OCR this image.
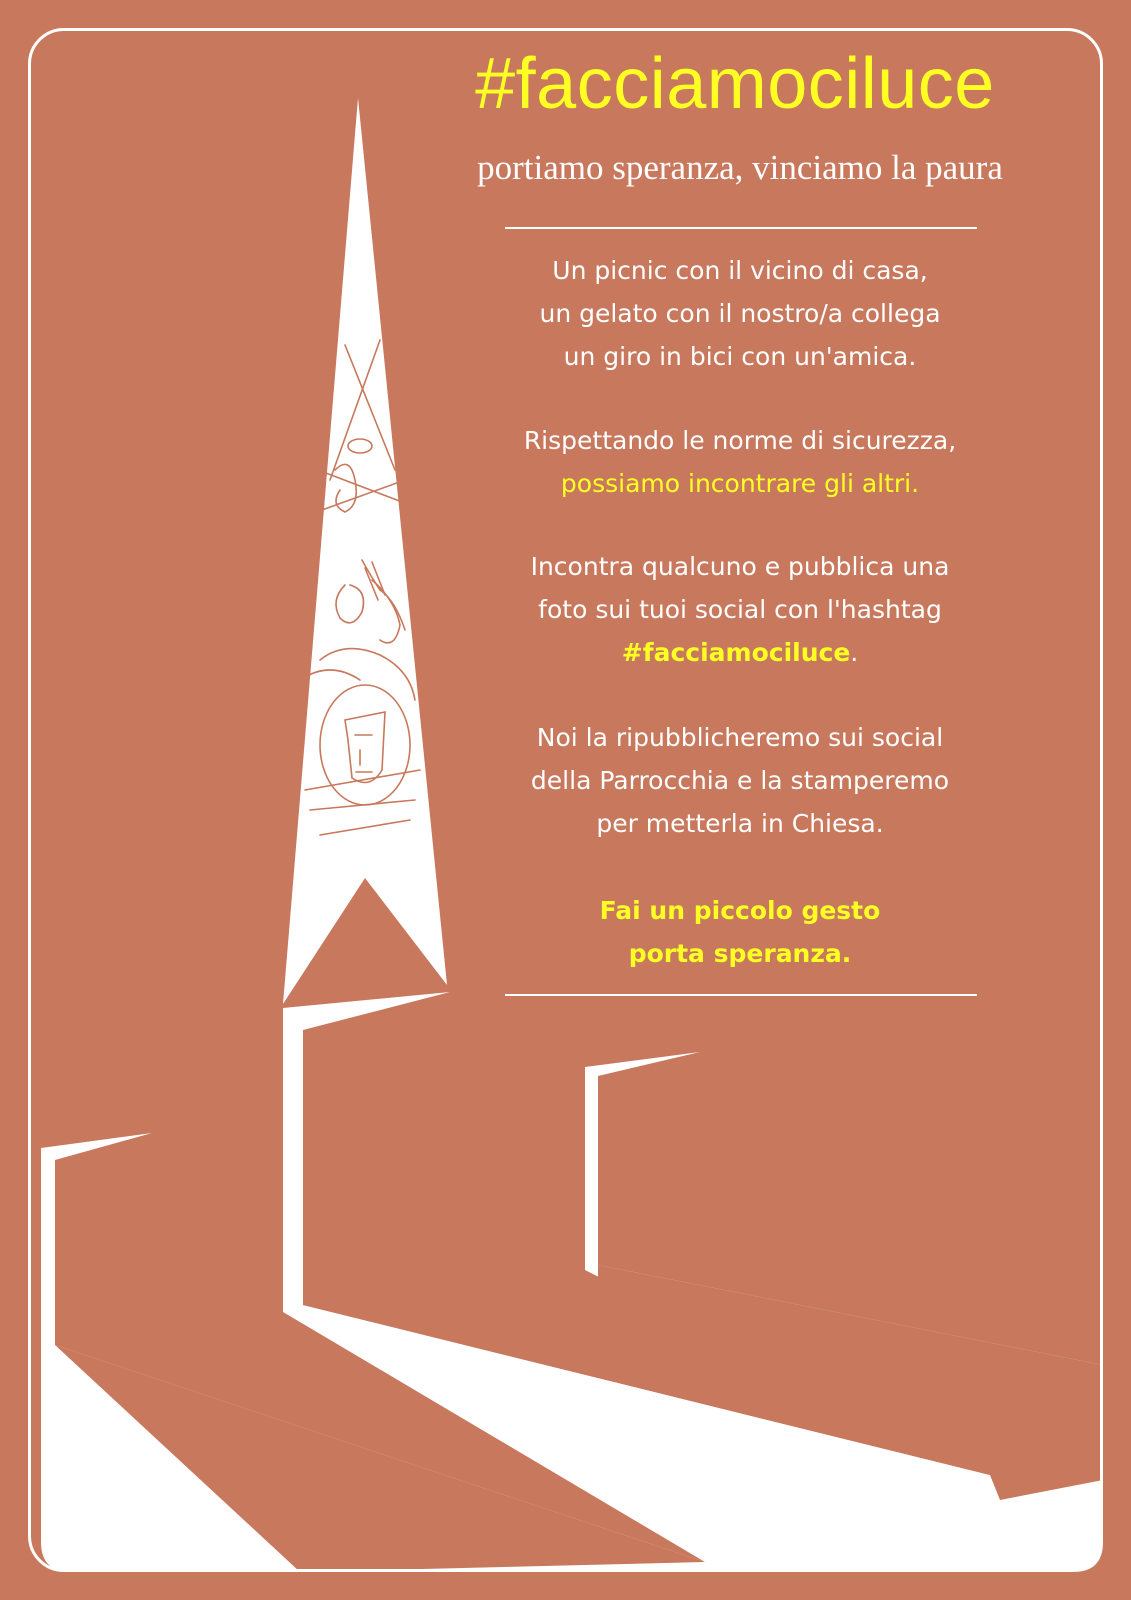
#facciamociluce
portiamo speranza, vinciamo la paura
Un picnic con il vicino di casa,
un gelato con il nostro/a collega
un giro in bici con un'amica.
Rispettando le norme di sicurezza,
possiamo incontrare gli altri.
Incontra qualcuno e pubblica una
foto sui tuoi social con l'hashtag
#facciamociluce.
Noi la ripubblicheremo sui social
della Parrocchia e la stamperemo
per metterla in Chiesa.
Fai un piccolo gesto
porta speranza.
